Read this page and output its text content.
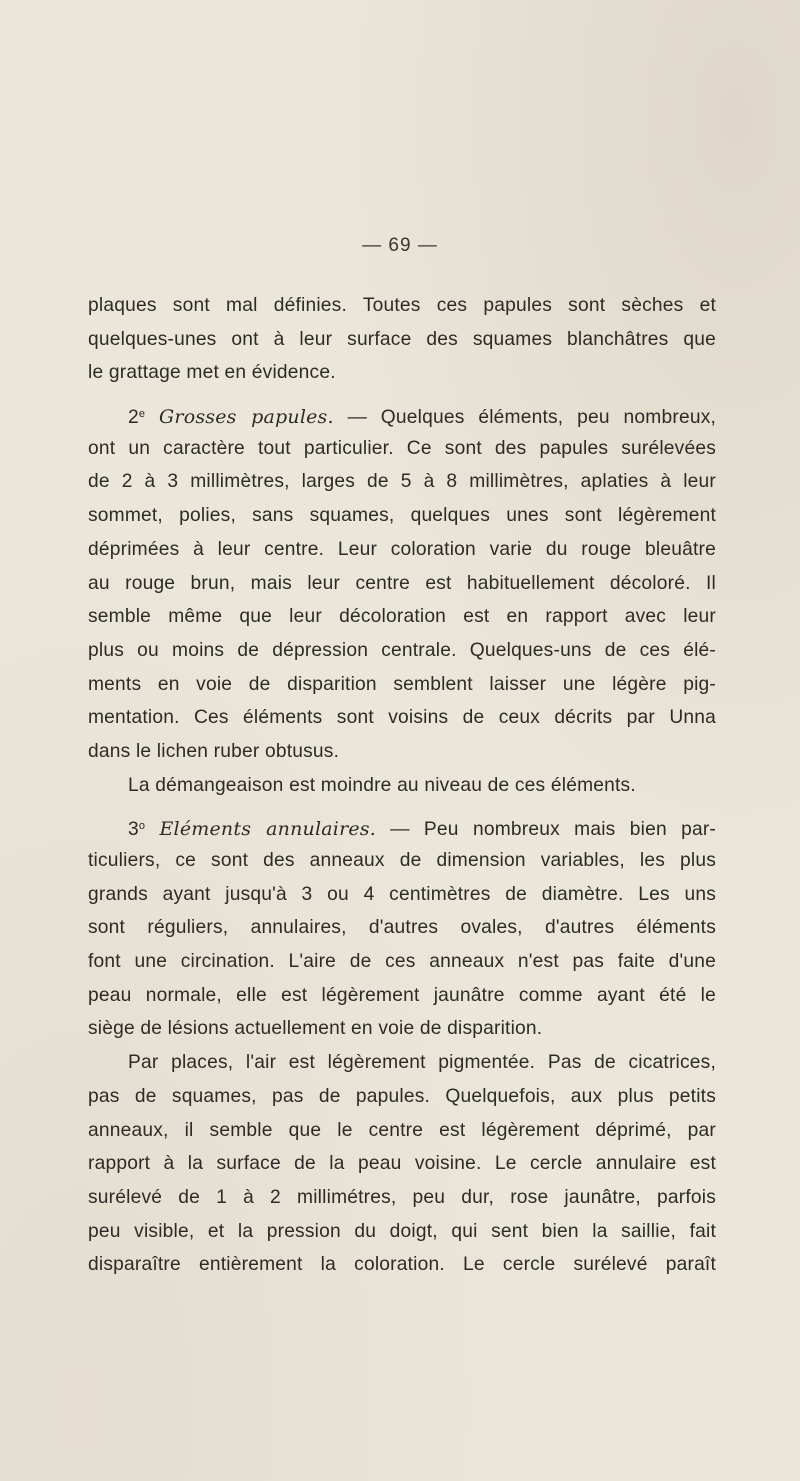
— 69 —
plaques sont mal définies. Toutes ces papules sont sèches et
quelques-unes ont à leur surface des squames blanchâtres que
le grattage met en évidence.
2e Grosses papules. — Quelques éléments, peu nombreux,
ont un caractère tout particulier. Ce sont des papules surélevées
de 2 à 3 millimètres, larges de 5 à 8 millimètres, aplaties à leur
sommet, polies, sans squames, quelques unes sont légèrement
déprimées à leur centre. Leur coloration varie du rouge bleuâtre
au rouge brun, mais leur centre est habituellement décoloré. Il
semble même que leur décoloration est en rapport avec leur
plus ou moins de dépression centrale. Quelques-uns de ces élé-
ments en voie de disparition semblent laisser une légère pig-
mentation. Ces éléments sont voisins de ceux décrits par Unna
dans le lichen ruber obtusus.
La démangeaison est moindre au niveau de ces éléments.
3$^o$ Eléments annulaires. — Peu nombreux mais bien par-
ticuliers, ce sont des anneaux de dimension variables, les plus
grands ayant jusqu'à 3 ou 4 centimètres de diamètre. Les uns
sont réguliers, annulaires, d'autres ovales, d'autres éléments
font une circination. L'aire de ces anneaux n'est pas faite d'une
peau normale, elle est légèrement jaunâtre comme ayant été le
siège de lésions actuellement en voie de disparition.
Par places, l'air est légèrement pigmentée. Pas de cicatrices,
pas de squames, pas de papules. Quelquefois, aux plus petits
anneaux, il semble que le centre est légèrement déprimé, par
rapport à la surface de la peau voisine. Le cercle annulaire est
surélevé de 1 à 2 millimétres, peu dur, rose jaunâtre, parfois
peu visible, et la pression du doigt, qui sent bien la saillie, fait
disparaître entièrement la coloration. Le cercle surélevé paraît
